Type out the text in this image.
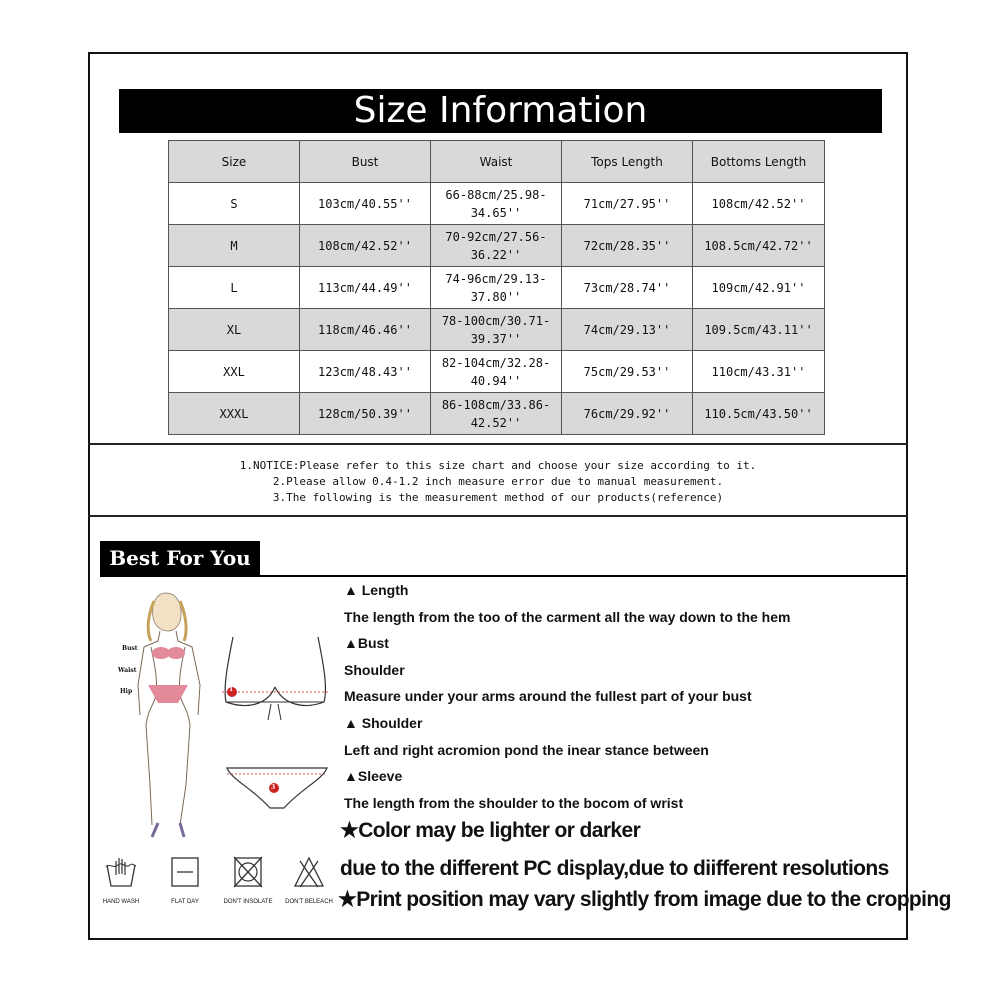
Size Information
Size	Bust	Waist	Tops Length	Bottoms Length
S	103cm/40.55''	66-88cm/25.98-34.65''	71cm/27.95''	108cm/42.52''
M	108cm/42.52''	70-92cm/27.56-36.22''	72cm/28.35''	108.5cm/42.72''
L	113cm/44.49''	74-96cm/29.13-37.80''	73cm/28.74''	109cm/42.91''
XL	118cm/46.46''	78-100cm/30.71-39.37''	74cm/29.13''	109.5cm/43.11''
XXL	123cm/48.43''	82-104cm/32.28-40.94''	75cm/29.53''	110cm/43.31''
XXXL	128cm/50.39''	86-108cm/33.86-42.52''	76cm/29.92''	110.5cm/43.50''
1.NOTICE:Please refer to this size chart and choose your size according to it.
2.Please allow 0.4-1.2 inch measure error due to manual measurement.
3.The following is the measurement method of our products(reference)
Best For You
Bust
Waist
Hip	1
3
▲ Length
The length from the too of the carment all the way down to the hem
▲Bust
Shoulder
Measure under your arms around the fullest part of your bust
▲ Shoulder
Left and right acromion pond the inear stance between
▲Sleeve
The length from the shoulder to the bocom of wrist
★Color may be lighter or darker
due to the different PC display,due to diifferent resolutions
★Print position may vary slightly from image due to the cropping
HAND WASH	FLAT DAY	DON'T INSOLATE	DON'T BELEACH
